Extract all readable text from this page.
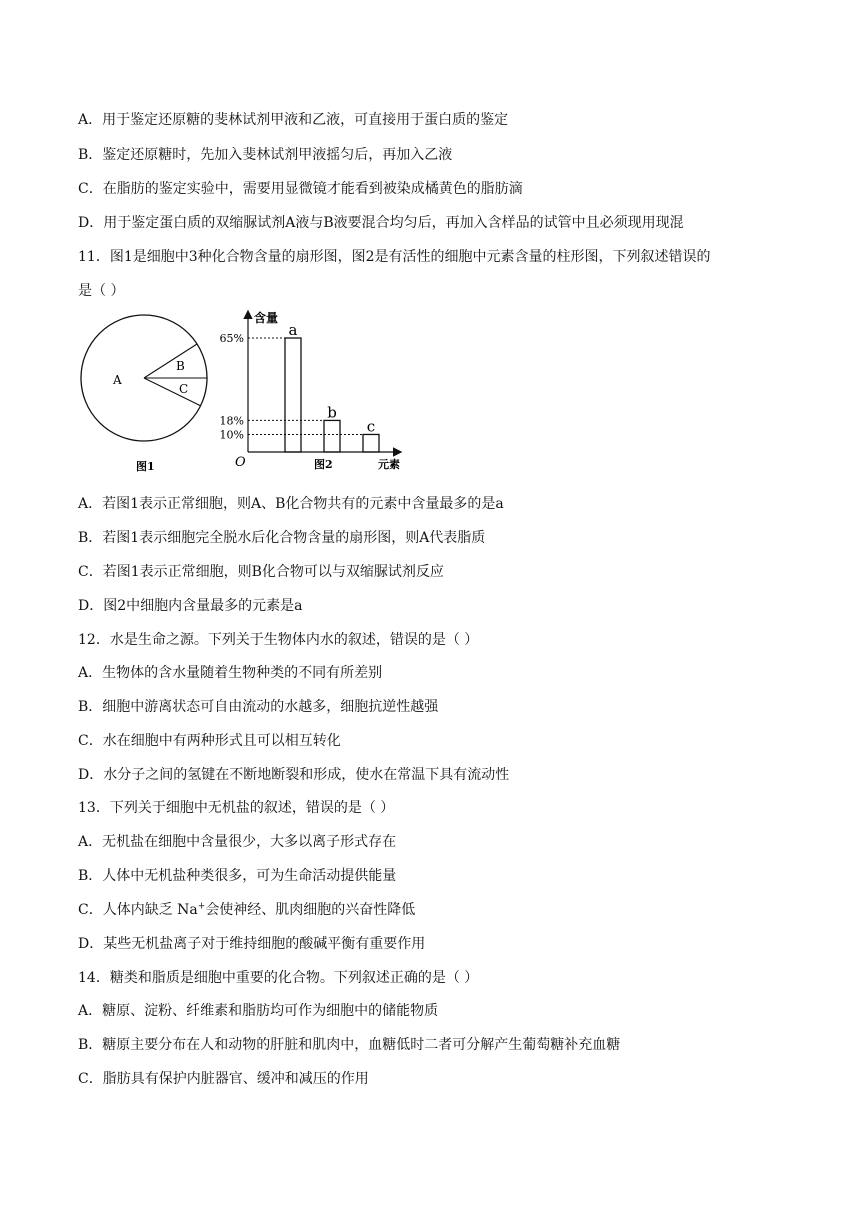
A．用于鉴定还原糖的斐林试剂甲液和乙液，可直接用于蛋白质的鉴定
B．鉴定还原糖时，先加入斐林试剂甲液摇匀后，再加入乙液
C．在脂肪的鉴定实验中，需要用显微镜才能看到被染成橘黄色的脂肪滴
D．用于鉴定蛋白质的双缩脲试剂A液与B液要混合均匀后，再加入含样品的试管中且必须现用现混
11．图1是细胞中3种化合物含量的扇形图，图2是有活性的细胞中元素含量的柱形图，下列叙述错误的
是（ ）
A
B
C
图1
含量
元素
O	图2
65%	a
18%	b
10%	c
A．若图1表示正常细胞，则A、B化合物共有的元素中含量最多的是a
B．若图1表示细胞完全脱水后化合物含量的扇形图，则A代表脂质
C．若图1表示正常细胞，则B化合物可以与双缩脲试剂反应
D．图2中细胞内含量最多的元素是a
12．水是生命之源。下列关于生物体内水的叙述，错误的是（ ）
A．生物体的含水量随着生物种类的不同有所差别
B．细胞中游离状态可自由流动的水越多，细胞抗逆性越强
C．水在细胞中有两种形式且可以相互转化
D．水分子之间的氢键在不断地断裂和形成，使水在常温下具有流动性
13．下列关于细胞中无机盐的叙述，错误的是（ ）
A．无机盐在细胞中含量很少，大多以离子形式存在
B．人体中无机盐种类很多，可为生命活动提供能量
C．人体内缺乏 Na+会使神经、肌肉细胞的兴奋性降低
D．某些无机盐离子对于维持细胞的酸碱平衡有重要作用
14．糖类和脂质是细胞中重要的化合物。下列叙述正确的是（ ）
A．糖原、淀粉、纤维素和脂肪均可作为细胞中的储能物质
B．糖原主要分布在人和动物的肝脏和肌肉中，血糖低时二者可分解产生葡萄糖补充血糖
C．脂肪具有保护内脏器官、缓冲和减压的作用
